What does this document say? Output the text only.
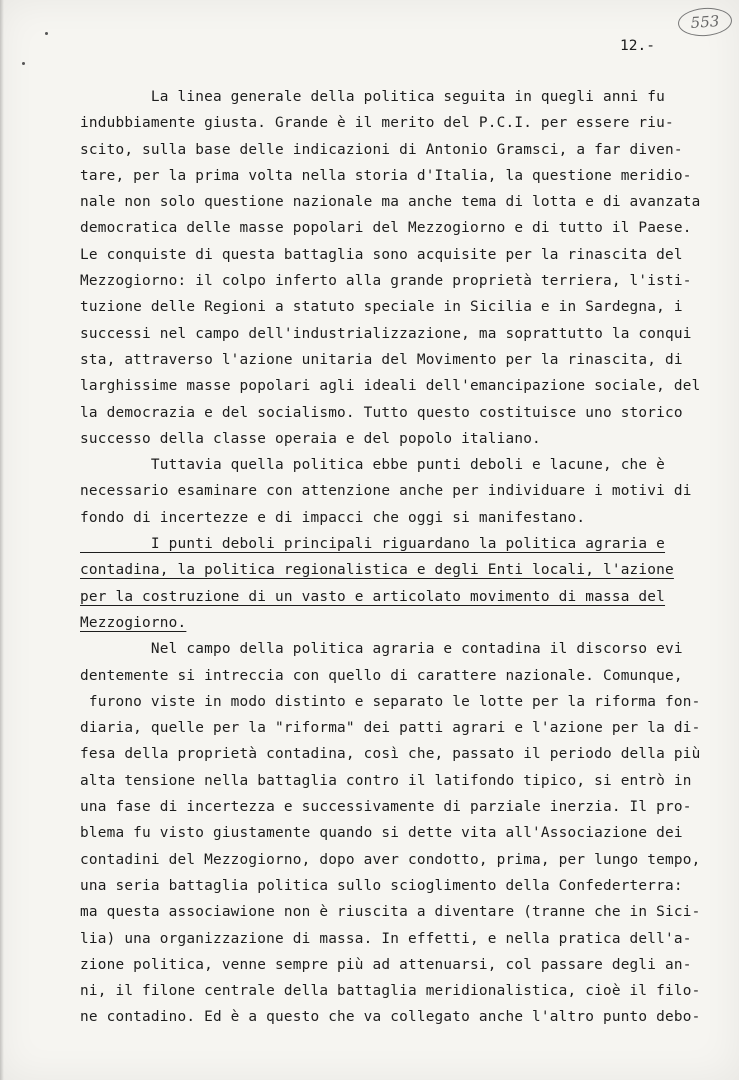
553
12.-
La linea generale della politica seguita in quegli anni fu
indubbiamente giusta. Grande è il merito del P.C.I. per essere riu-
scito, sulla base delle indicazioni di Antonio Gramsci, a far diven-
tare, per la prima volta nella storia d'Italia, la questione meridio-
nale non solo questione nazionale ma anche tema di lotta e di avanzata
democratica delle masse popolari del Mezzogiorno e di tutto il Paese.
Le conquiste di questa battaglia sono acquisite per la rinascita del
Mezzogiorno: il colpo inferto alla grande proprietà terriera, l'isti-
tuzione delle Regioni a statuto speciale in Sicilia e in Sardegna, i
successi nel campo dell'industrializzazione, ma soprattutto la conqui
sta, attraverso l'azione unitaria del Movimento per la rinascita, di
larghissime masse popolari agli ideali dell'emancipazione sociale, del
la democrazia e del socialismo. Tutto questo costituisce uno storico
successo della classe operaia e del popolo italiano.
Tuttavia quella politica ebbe punti deboli e lacune, che è
necessario esaminare con attenzione anche per individuare i motivi di
fondo di incertezze e di impacci che oggi si manifestano.
I punti deboli principali riguardano la politica agraria e
contadina, la politica regionalistica e degli Enti locali, l'azione
per la costruzione di un vasto e articolato movimento di massa del
Mezzogiorno.
Nel campo della politica agraria e contadina il discorso evi
dentemente si intreccia con quello di carattere nazionale. Comunque,
furono viste in modo distinto e separato le lotte per la riforma fon-
diaria, quelle per la "riforma" dei patti agrari e l'azione per la di-
fesa della proprietà contadina, così che, passato il periodo della più
alta tensione nella battaglia contro il latifondo tipico, si entrò in
una fase di incertezza e successivamente di parziale inerzia. Il pro-
blema fu visto giustamente quando si dette vita all'Associazione dei
contadini del Mezzogiorno, dopo aver condotto, prima, per lungo tempo,
una seria battaglia politica sullo scioglimento della Confederterra:
ma questa associawione non è riuscita a diventare (tranne che in Sici-
lia) una organizzazione di massa. In effetti, e nella pratica dell'a-
zione politica, venne sempre più ad attenuarsi, col passare degli an-
ni, il filone centrale della battaglia meridionalistica, cioè il filo-
ne contadino. Ed è a questo che va collegato anche l'altro punto debo-
